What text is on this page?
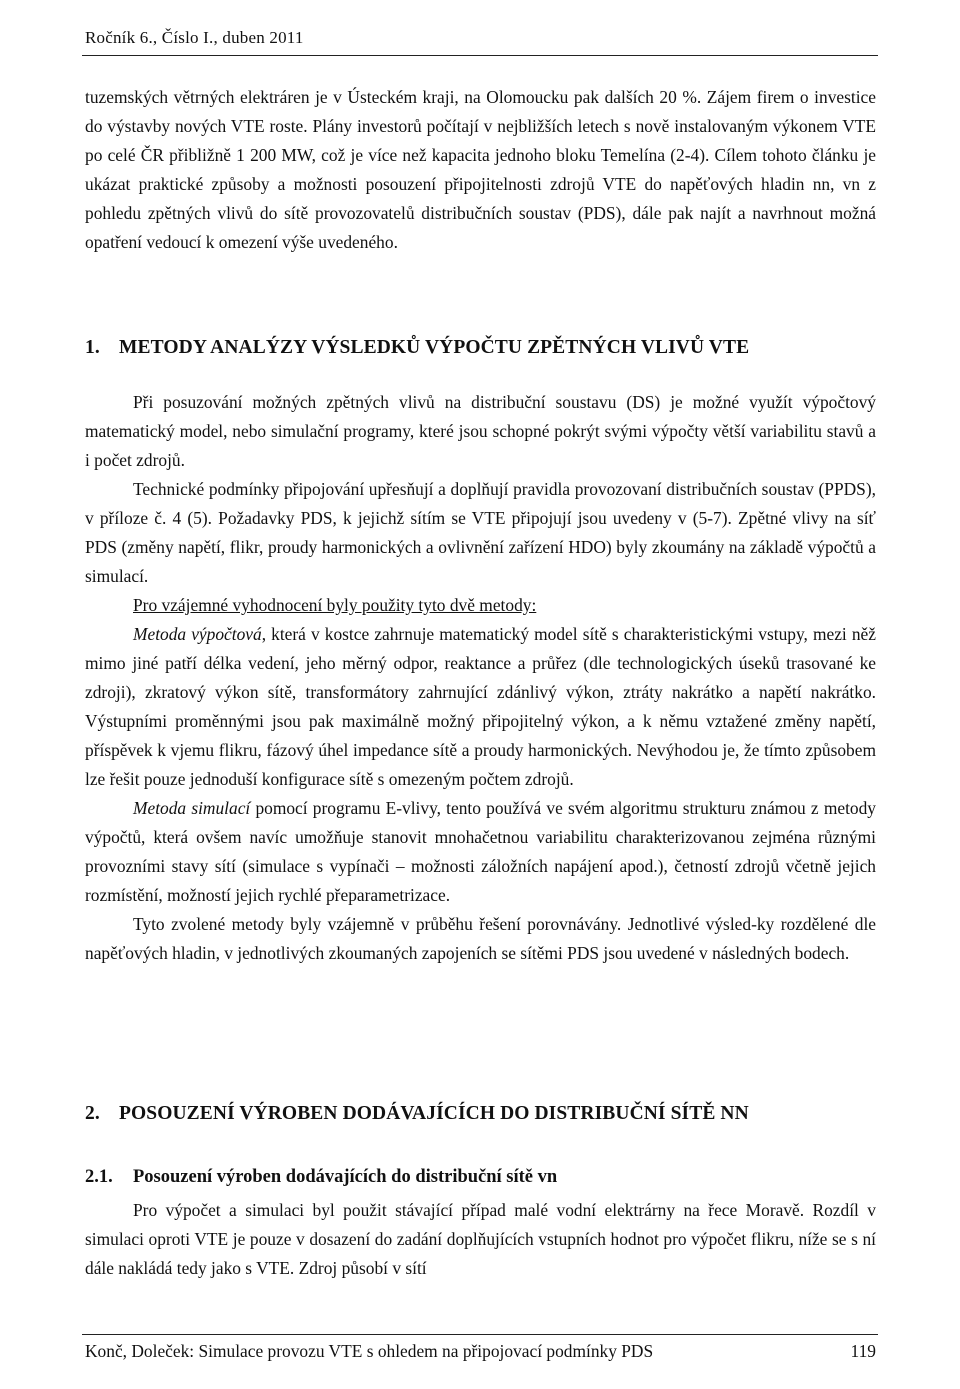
Ročník 6., Číslo I., duben 2011

tuzemských větrných elektráren je v Ústeckém kraji, na Olomoucku pak dalších 20 %. Zájem firem o investice do výstavby nových VTE roste. Plány investorů počítají v nejbližších letech s nově instalovaným výkonem VTE po celé ČR přibližně 1 200 MW, což je více než kapacita jednoho bloku Temelína (2-4). Cílem tohoto článku je ukázat praktické způsoby a možnosti posouzení připojitelnosti zdrojů VTE do napěťových hladin nn, vn z pohledu zpětných vlivů do sítě provozovatelů distribučních soustav (PDS), dále pak najít a navrhnout možná opatření vedoucí k omezení výše uvedeného.

1. METODY ANALÝZY VÝSLEDKŮ VÝPOČTU ZPĚTNÝCH VLIVŮ VTE

Při posuzování možných zpětných vlivů na distribuční soustavu (DS) je možné využít výpočtový matematický model, nebo simulační programy, které jsou schopné pokrýt svými výpočty větší variabilitu stavů a i počet zdrojů.

Technické podmínky připojování upřesňují a doplňují pravidla provozovaní distribučních soustav (PPDS), v příloze č. 4 (5). Požadavky PDS, k jejichž sítím se VTE připojují jsou uvedeny v (5-7). Zpětné vlivy na síť PDS (změny napětí, flikr, proudy harmonických a ovlivnění zařízení HDO) byly zkoumány na základě výpočtů a simulací.

Pro vzájemné vyhodnocení byly použity tyto dvě metody:

Metoda výpočtová, která v kostce zahrnuje matematický model sítě s charakteristickými vstupy, mezi něž mimo jiné patří délka vedení, jeho měrný odpor, reaktance a průřez (dle technologických úseků trasované ke zdroji), zkratový výkon sítě, transformátory zahrnující zdánlivý výkon, ztráty nakrátko a napětí nakrátko. Výstupními proměnnými jsou pak maximálně možný připojitelný výkon, a k němu vztažené změny napětí, příspěvek k vjemu flikru, fázový úhel impedance sítě a proudy harmonických. Nevýhodou je, že tímto způsobem lze řešit pouze jednoduší konfigurace sítě s omezeným počtem zdrojů.

Metoda simulací pomocí programu E-vlivy, tento používá ve svém algoritmu strukturu známou z metody výpočtů, která ovšem navíc umožňuje stanovit mnohačetnou variabilitu charakterizovanou zejména různými provozními stavy sítí (simulace s vypínači – možnosti záložních napájení apod.), četností zdrojů včetně jejich rozmístění, možností jejich rychlé přeparametrizace.

Tyto zvolené metody byly vzájemně v průběhu řešení porovnávány. Jednotlivé výsled-ky rozdělené dle napěťových hladin, v jednotlivých zkoumaných zapojeních se sítěmi PDS jsou uvedené v následných bodech.

2. POSOUZENÍ VÝROBEN DODÁVAJÍCÍCH DO DISTRIBUČNÍ SÍTĚ NN
2.1. Posouzení výroben dodávajících do distribuční sítě vn

Pro výpočet a simulaci byl použit stávající případ malé vodní elektrárny na řece Moravě. Rozdíl v simulaci oproti VTE je pouze v dosazení do zadání doplňujících vstupních hodnot pro výpočet flikru, níže se s ní dále nakládá tedy jako s VTE. Zdroj působí v sítí

Konč, Doleček: Simulace provozu VTE s ohledem na připojovací podmínky PDS	119
